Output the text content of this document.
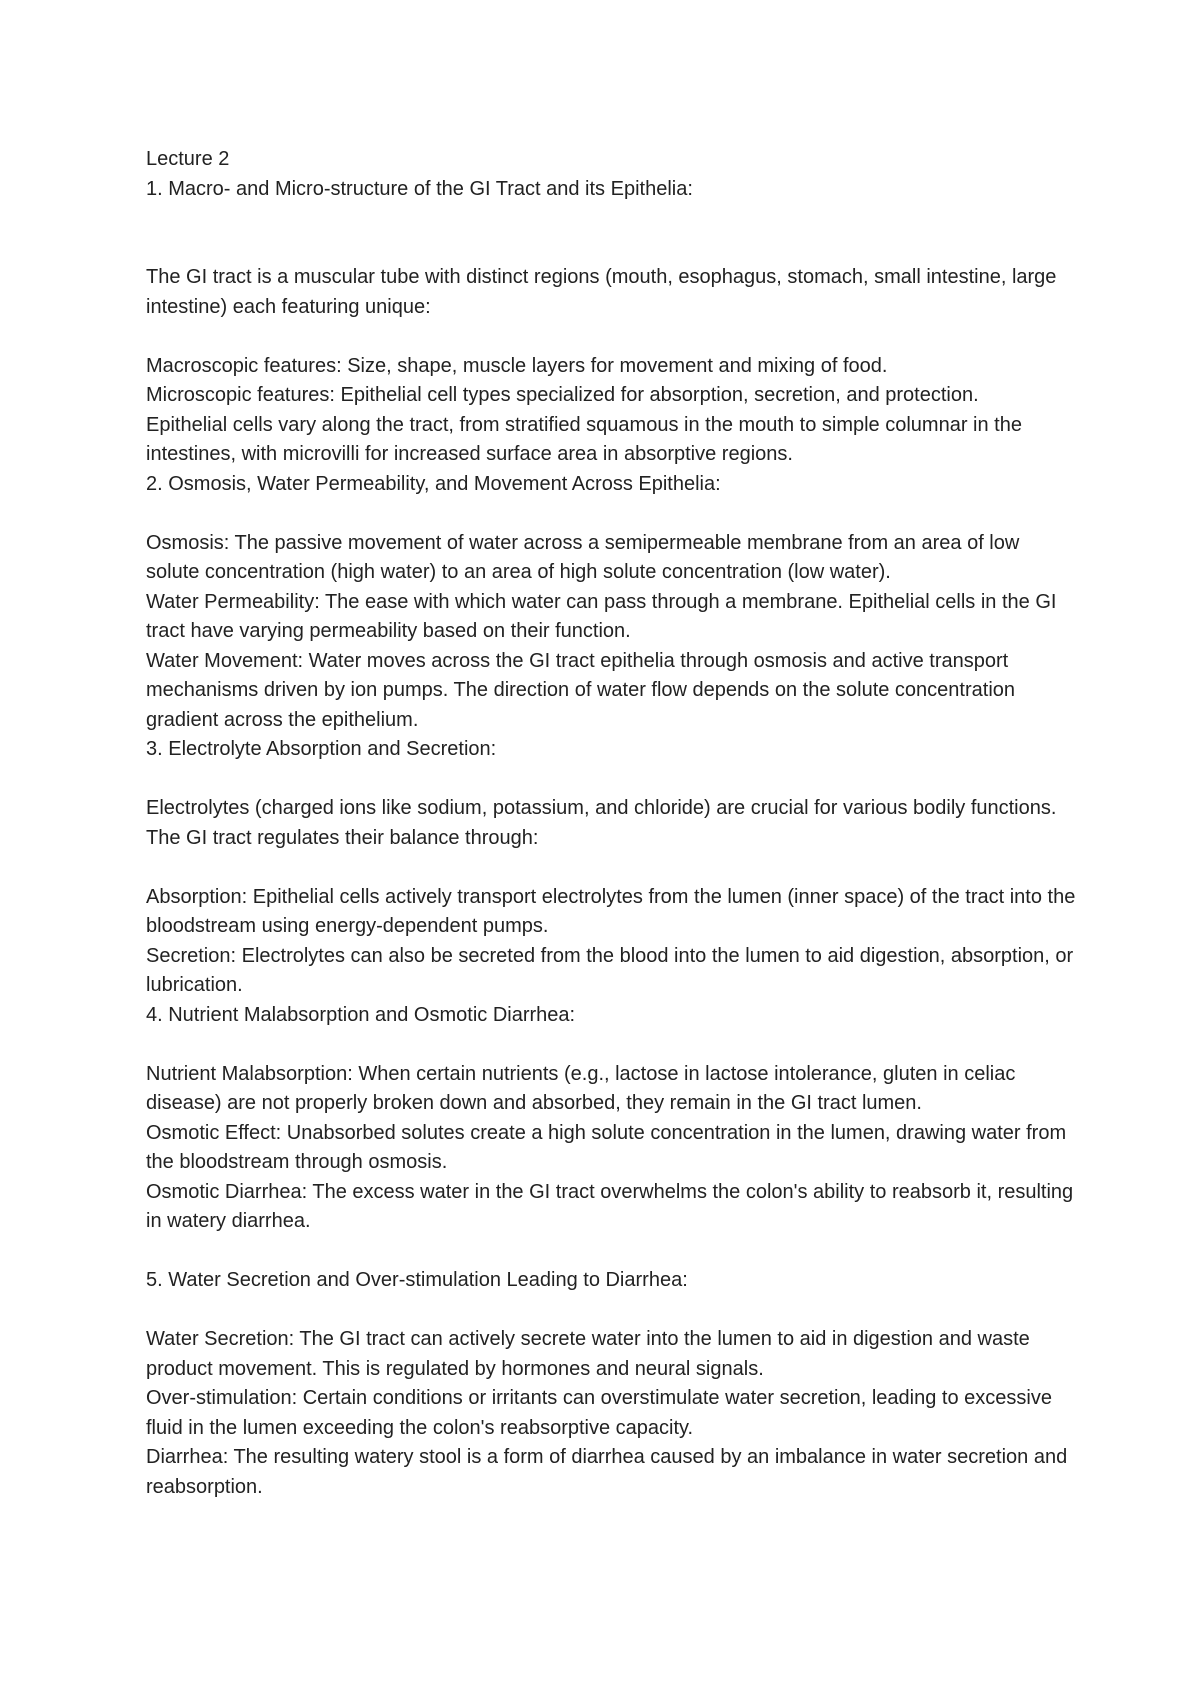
Lecture 2

1. Macro- and Micro-structure of the GI Tract and its Epithelia:

The GI tract is a muscular tube with distinct regions (mouth, esophagus, stomach, small intestine, large intestine) each featuring unique:

Macroscopic features: Size, shape, muscle layers for movement and mixing of food.

Microscopic features: Epithelial cell types specialized for absorption, secretion, and protection.

Epithelial cells vary along the tract, from stratified squamous in the mouth to simple columnar in the intestines, with microvilli for increased surface area in absorptive regions.

2. Osmosis, Water Permeability, and Movement Across Epithelia:

Osmosis: The passive movement of water across a semipermeable membrane from an area of low solute concentration (high water) to an area of high solute concentration (low water).

Water Permeability: The ease with which water can pass through a membrane. Epithelial cells in the GI tract have varying permeability based on their function.

Water Movement: Water moves across the GI tract epithelia through osmosis and active transport mechanisms driven by ion pumps. The direction of water flow depends on the solute concentration gradient across the epithelium.

3. Electrolyte Absorption and Secretion:

Electrolytes (charged ions like sodium, potassium, and chloride) are crucial for various bodily functions. The GI tract regulates their balance through:

Absorption: Epithelial cells actively transport electrolytes from the lumen (inner space) of the tract into the bloodstream using energy-dependent pumps.

Secretion: Electrolytes can also be secreted from the blood into the lumen to aid digestion, absorption, or lubrication.

4. Nutrient Malabsorption and Osmotic Diarrhea:

Nutrient Malabsorption: When certain nutrients (e.g., lactose in lactose intolerance, gluten in celiac disease) are not properly broken down and absorbed, they remain in the GI tract lumen.

Osmotic Effect: Unabsorbed solutes create a high solute concentration in the lumen, drawing water from the bloodstream through osmosis.

Osmotic Diarrhea: The excess water in the GI tract overwhelms the colon's ability to reabsorb it, resulting in watery diarrhea.

5. Water Secretion and Over-stimulation Leading to Diarrhea:

Water Secretion: The GI tract can actively secrete water into the lumen to aid in digestion and waste product movement. This is regulated by hormones and neural signals.

Over-stimulation: Certain conditions or irritants can overstimulate water secretion, leading to excessive fluid in the lumen exceeding the colon's reabsorptive capacity.

Diarrhea: The resulting watery stool is a form of diarrhea caused by an imbalance in water secretion and reabsorption.
